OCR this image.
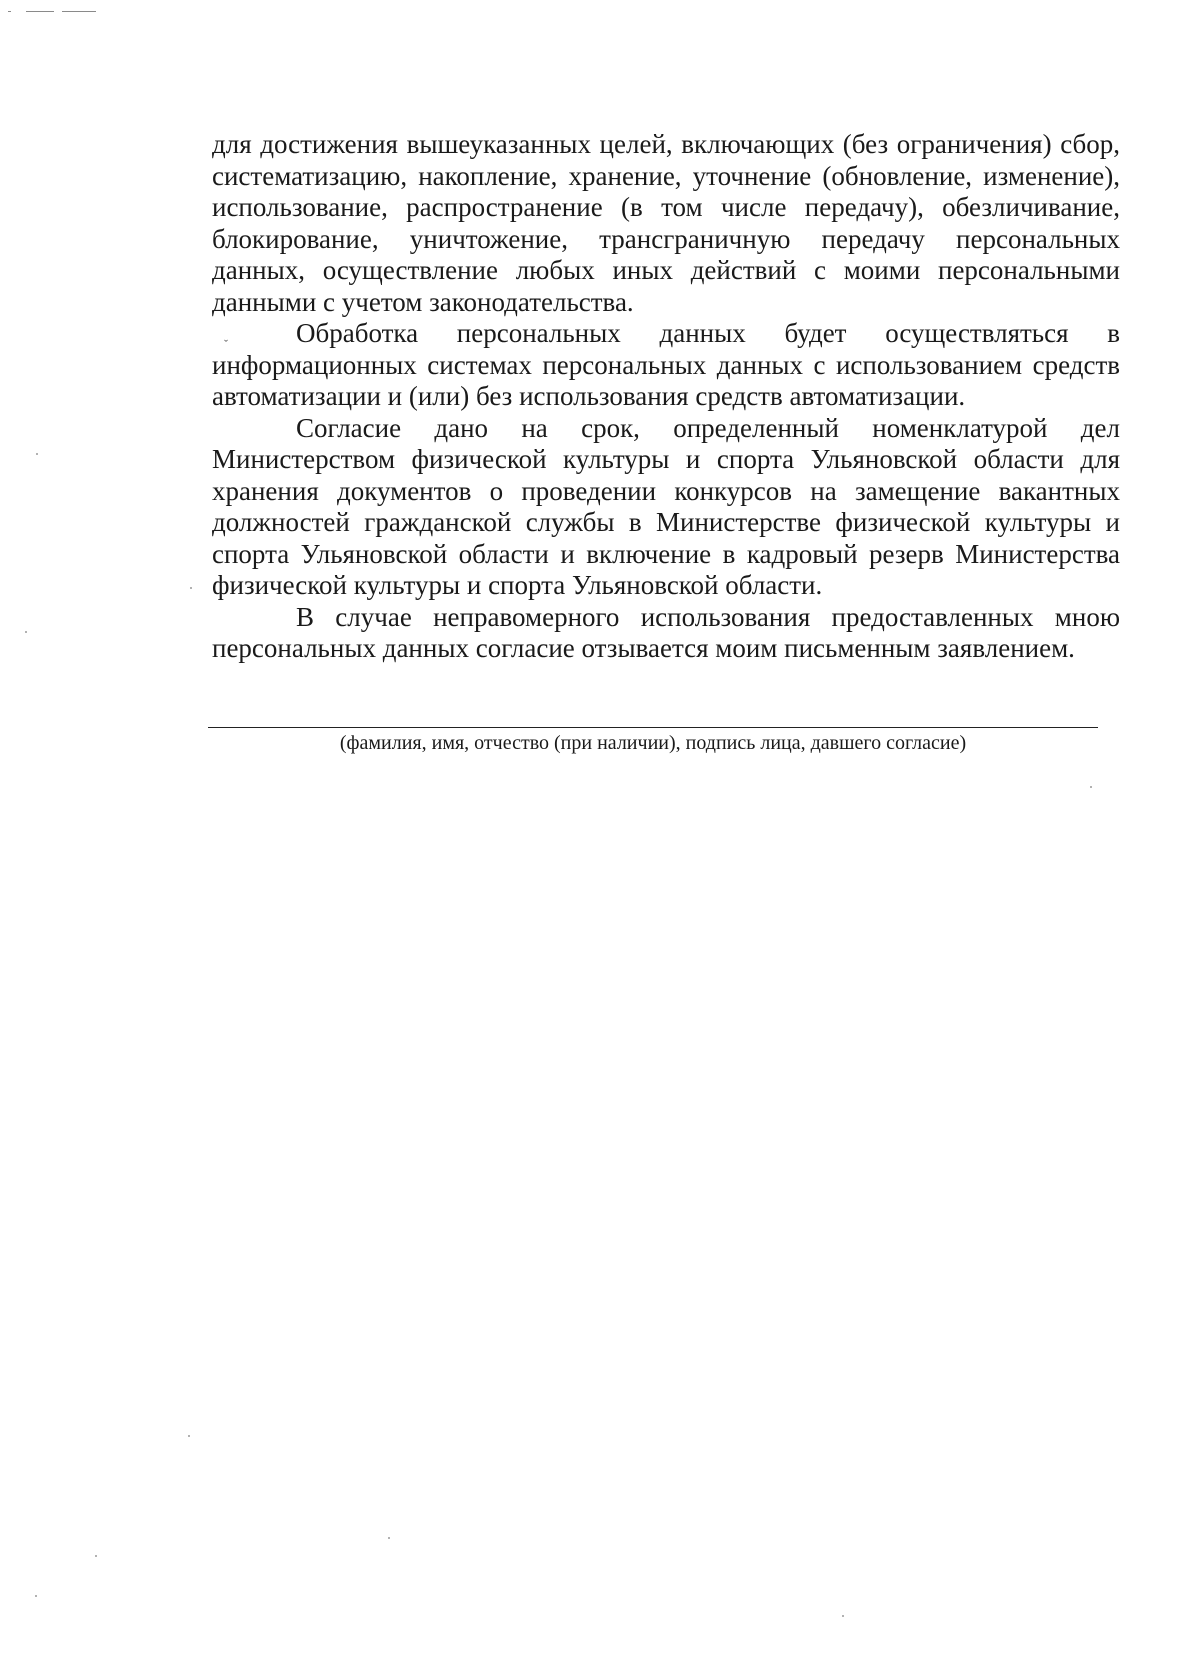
ˇ

для достижения вышеуказанных целей, включающих (без ограничения) сбор, систематизацию, накопление, хранение, уточнение (обновление, изменение), использование, распространение (в том числе передачу), обезличивание, блокирование, уничтожение, трансграничную передачу персональных данных, осуществление любых иных действий с моими персональными данными с учетом законодательства.

Обработка персональных данных будет осуществляться в информационных системах персональных данных с использованием средств автоматизации и (или) без использования средств автоматизации.

Согласие дано на срок, определенный номенклатурой дел Министерством физической культуры и спорта Ульяновской области для хранения документов о проведении конкурсов на замещение вакантных должностей гражданской службы в Министерстве физической культуры и спорта Ульяновской области и включение в кадровый резерв Министерства физической культуры и спорта Ульяновской области.

В случае неправомерного использования предоставленных мною персональных данных согласие отзывается моим письменным заявлением.

(фамилия, имя, отчество (при наличии), подпись лица, давшего согласие)
